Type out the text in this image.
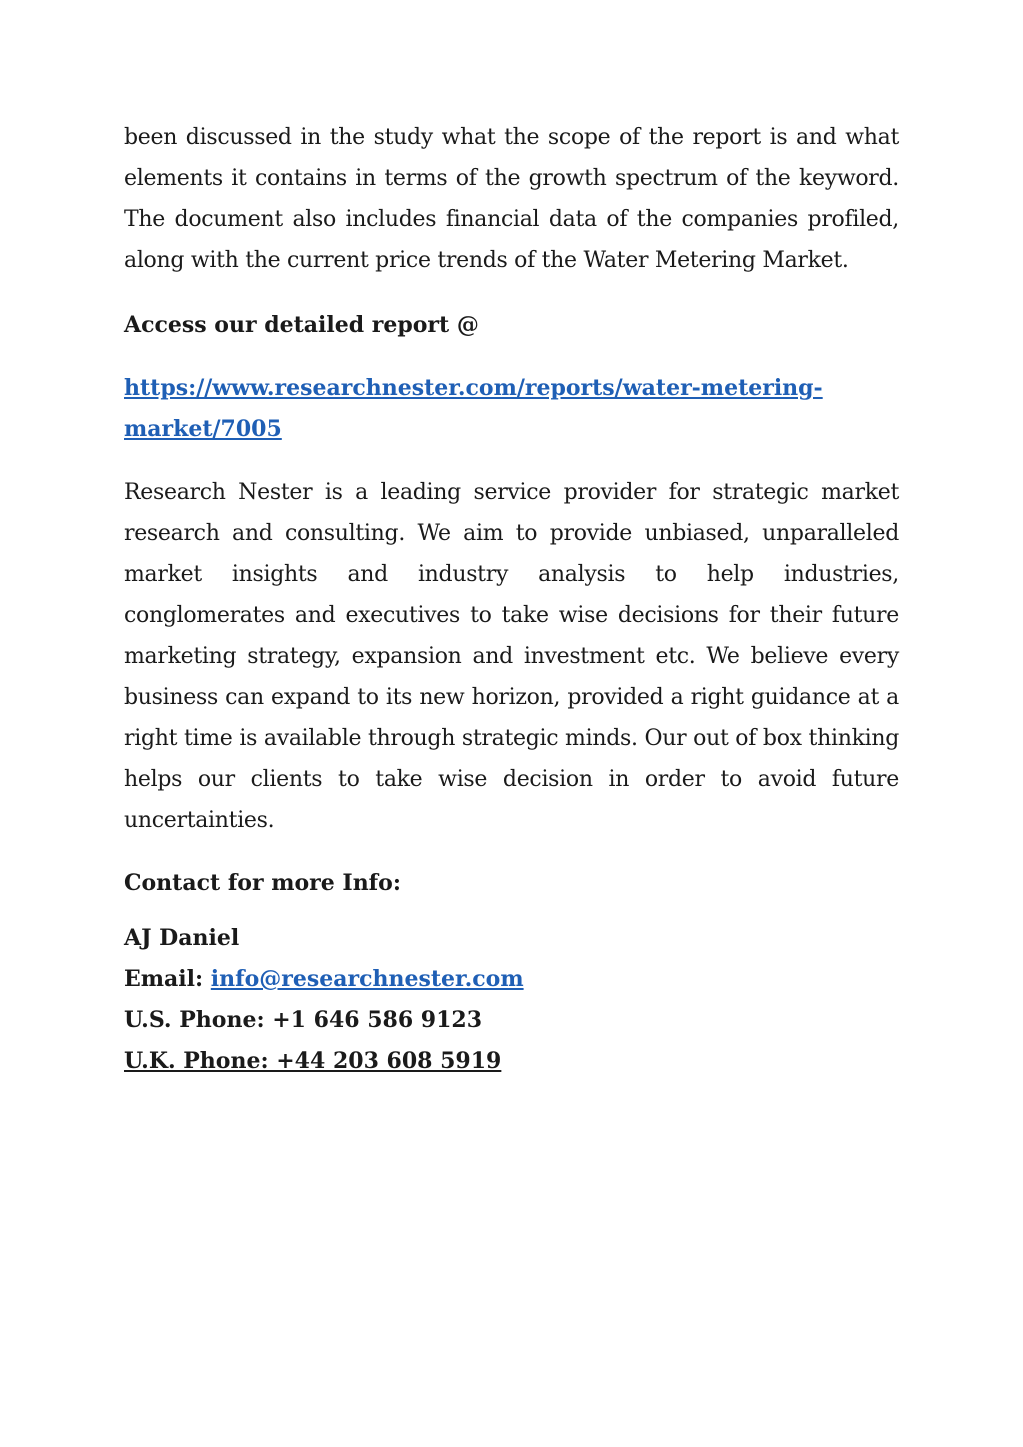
been discussed in the study what the scope of the report is and what elements it contains in terms of the growth spectrum of the keyword. The document also includes financial data of the companies profiled, along with the current price trends of the Water Metering Market.

Access our detailed report @

https://www.researchnester.com/reports/water-metering-
market/7005

Research Nester is a leading service provider for strategic market research and consulting. We aim to provide unbiased, unparalleled market insights and industry analysis to help industries, conglomerates and executives to take wise decisions for their future marketing strategy, expansion and investment etc. We believe every business can expand to its new horizon, provided a right guidance at a right time is available through strategic minds. Our out of box thinking helps our clients to take wise decision in order to avoid future uncertainties.

Contact for more Info:

AJ Daniel

Email: info@researchnester.com

U.S. Phone: +1 646 586 9123

U.K. Phone: +44 203 608 5919
